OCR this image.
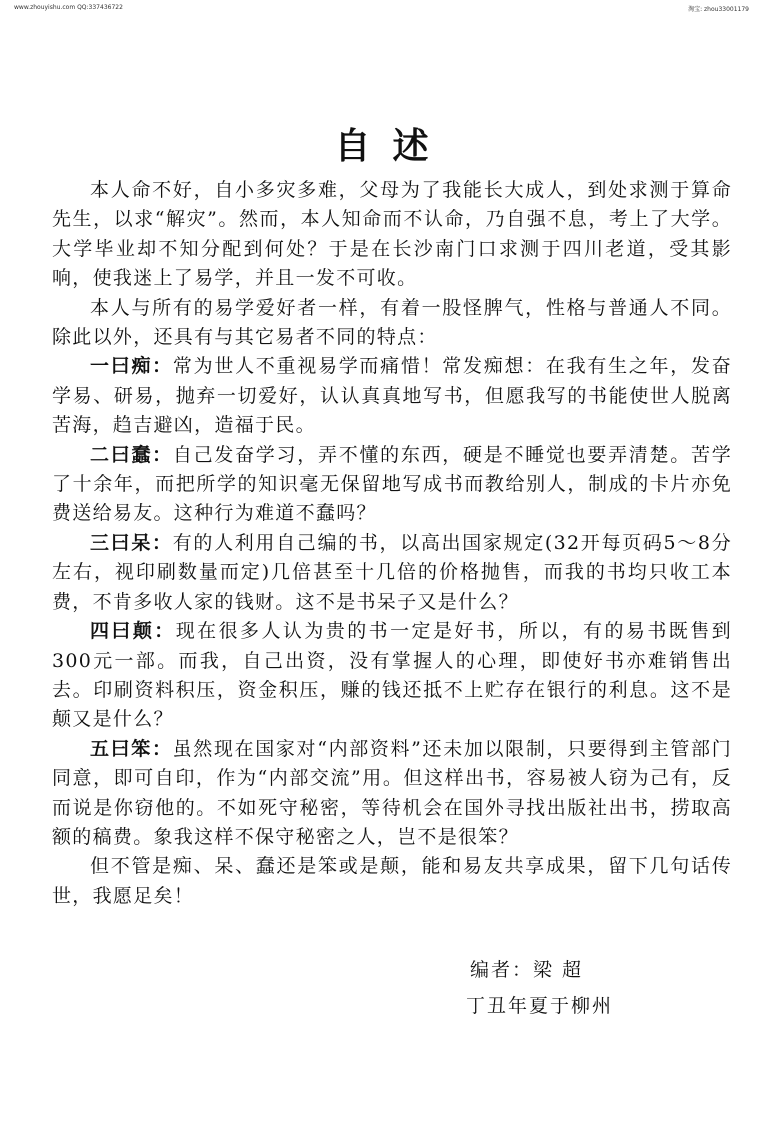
www.zhouyishu.com QQ:337436722	淘宝: zhou33001179
自述

本人命不好，自小多灾多难，父母为了我能长大成人，到处求测于算命先生，以求“解灾”。然而，本人知命而不认命，乃自强不息，考上了大学。大学毕业却不知分配到何处？于是在长沙南门口求测于四川老道，受其影响，使我迷上了易学，并且一发不可收。

本人与所有的易学爱好者一样，有着一股怪脾气，性格与普通人不同。除此以外，还具有与其它易者不同的特点：

一曰痴：常为世人不重视易学而痛惜！常发痴想：在我有生之年，发奋学易、研易，抛弃一切爱好，认认真真地写书，但愿我写的书能使世人脱离苦海，趋吉避凶，造福于民。

二曰蠢：自己发奋学习，弄不懂的东西，硬是不睡觉也要弄清楚。苦学了十余年，而把所学的知识毫无保留地写成书而教给别人，制成的卡片亦免费送给易友。这种行为难道不蠢吗？

三曰呆：有的人利用自己编的书，以高出国家规定(32开每页码5～8分左右，视印刷数量而定)几倍甚至十几倍的价格抛售，而我的书均只收工本费，不肯多收人家的钱财。这不是书呆子又是什么？

四曰颠：现在很多人认为贵的书一定是好书，所以，有的易书既售到300元一部。而我，自己出资，没有掌握人的心理，即使好书亦难销售出去。印刷资料积压，资金积压，赚的钱还抵不上贮存在银行的利息。这不是颠又是什么？

五曰笨：虽然现在国家对“内部资料”还未加以限制，只要得到主管部门同意，即可自印，作为“内部交流”用。但这样出书，容易被人窃为己有，反而说是你窃他的。不如死守秘密，等待机会在国外寻找出版社出书，捞取高额的稿费。象我这样不保守秘密之人，岂不是很笨？

但不管是痴、呆、蠢还是笨或是颠，能和易友共享成果，留下几句话传世，我愿足矣！

编者：梁 超
丁丑年夏于柳州
